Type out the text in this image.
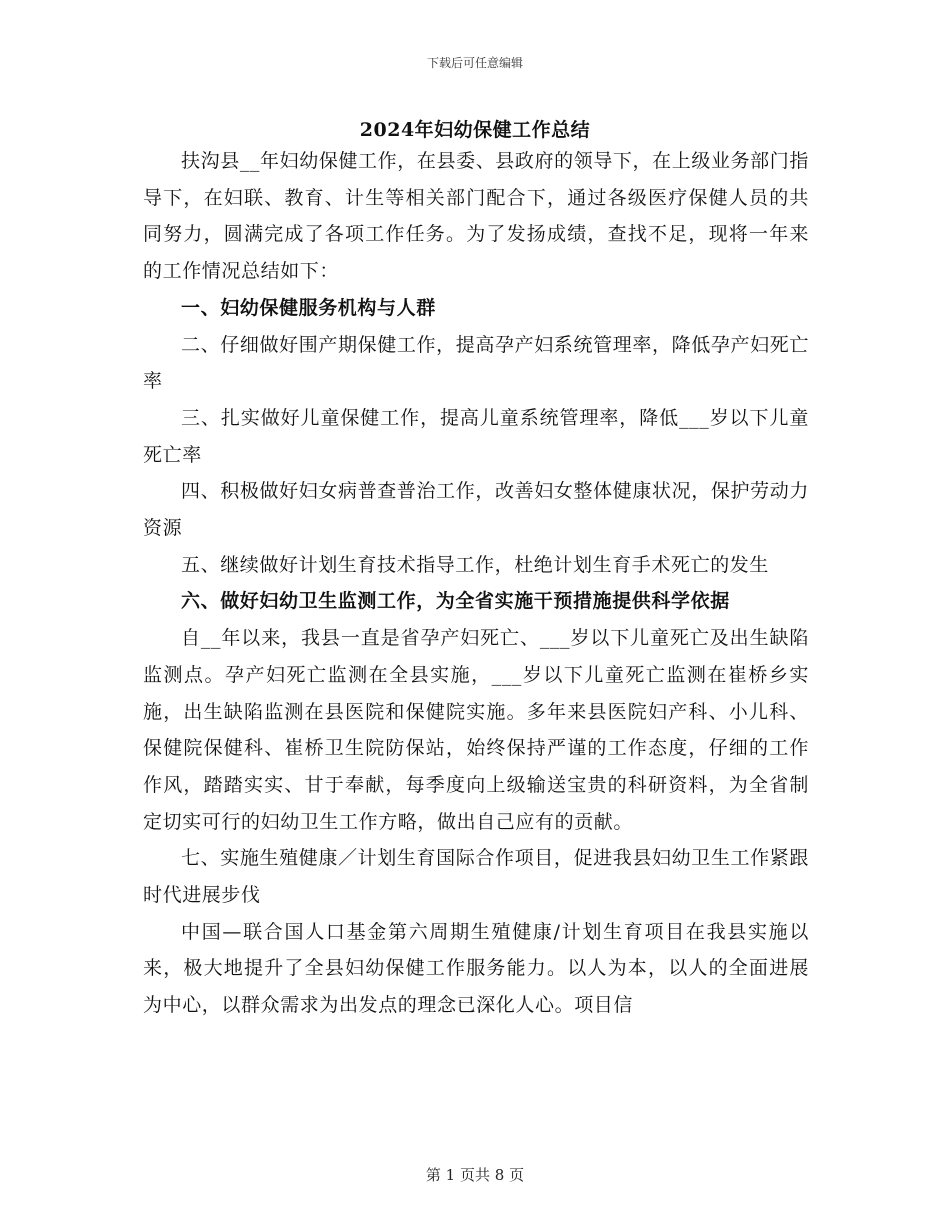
下载后可任意编辑
2024年妇幼保健工作总结

扶沟县__年妇幼保健工作，在县委、县政府的领导下，在上级业务部门指导下，在妇联、教育、计生等相关部门配合下，通过各级医疗保健人员的共同努力，圆满完成了各项工作任务。为了发扬成绩，查找不足，现将一年来的工作情况总结如下：

一、妇幼保健服务机构与人群

二、仔细做好围产期保健工作，提高孕产妇系统管理率，降低孕产妇死亡率

三、扎实做好儿童保健工作，提高儿童系统管理率，降低___岁以下儿童死亡率

四、积极做好妇女病普查普治工作，改善妇女整体健康状况，保护劳动力资源

五、继续做好计划生育技术指导工作，杜绝计划生育手术死亡的发生

六、做好妇幼卫生监测工作，为全省实施干预措施提供科学依据

自__年以来，我县一直是省孕产妇死亡、___岁以下儿童死亡及出生缺陷监测点。孕产妇死亡监测在全县实施，___岁以下儿童死亡监测在崔桥乡实施，出生缺陷监测在县医院和保健院实施。多年来县医院妇产科、小儿科、保健院保健科、崔桥卫生院防保站，始终保持严谨的工作态度，仔细的工作作风，踏踏实实、甘于奉献，每季度向上级输送宝贵的科研资料，为全省制定切实可行的妇幼卫生工作方略，做出自己应有的贡献。

七、实施生殖健康／计划生育国际合作项目，促进我县妇幼卫生工作紧跟时代进展步伐

中国—联合国人口基金第六周期生殖健康/计划生育项目在我县实施以来，极大地提升了全县妇幼保健工作服务能力。以人为本，以人的全面进展为中心，以群众需求为出发点的理念已深化人心。项目信

第 1 页共 8 页
